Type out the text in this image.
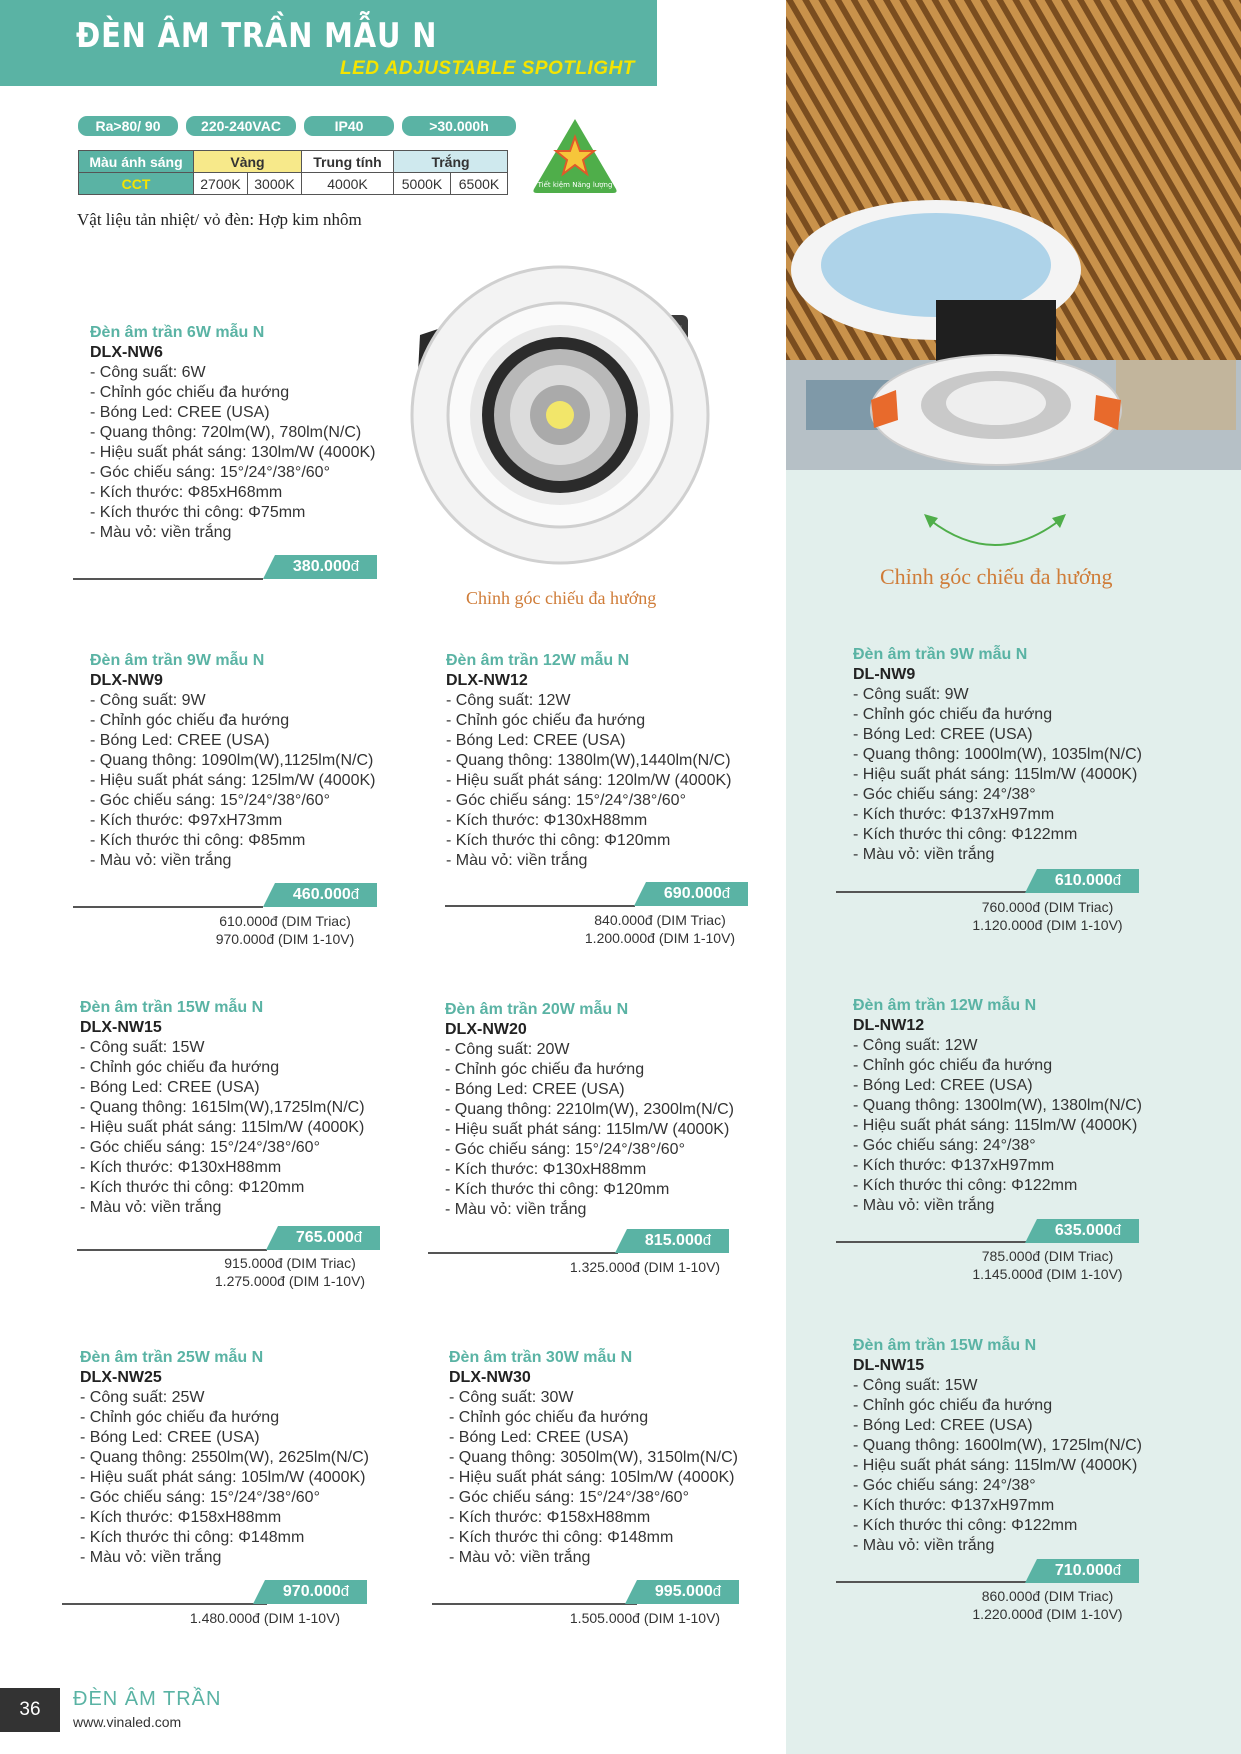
ĐÈN ÂM TRẦN MẪU N
LED ADJUSTABLE SPOTLIGHT
Ra>80/ 90	220-240VAC	IP40	>30.000h
Màu ánh sáng	Vàng		Trung tính	Trắng	
CCT	2700K	3000K	4000K	5000K	6500K
Vật liệu tản nhiệt/ vỏ đèn: Hợp kim nhôm
Tiết kiệm Năng lượng
Chỉnh góc chiếu đa hướng
Chỉnh góc chiếu đa hướng
Đèn âm trần 6W mẫu N
DLX-NW6
- Công suất: 6W
- Chỉnh góc chiếu đa hướng
- Bóng Led: CREE (USA)
- Quang thông: 720lm(W), 780lm(N/C)
- Hiệu suất phát sáng: 130lm/W (4000K)
- Góc chiếu sáng: 15°/24°/38°/60°
- Kích thước: Φ85xH68mm
- Kích thước thi công: Φ75mm
- Màu vỏ: viền trắng
380.000đ
Đèn âm trần 9W mẫu N
DLX-NW9
- Công suất: 9W
- Chỉnh góc chiếu đa hướng
- Bóng Led: CREE (USA)
- Quang thông: 1090lm(W),1125lm(N/C)
- Hiệu suất phát sáng: 125lm/W (4000K)
- Góc chiếu sáng: 15°/24°/38°/60°
- Kích thước: Φ97xH73mm
- Kích thước thi công: Φ85mm
- Màu vỏ: viền trắng
460.000đ
610.000đ (DIM Triac)
970.000đ (DIM 1-10V)
Đèn âm trần 12W mẫu N
DLX-NW12
- Công suất: 12W
- Chỉnh góc chiếu đa hướng
- Bóng Led: CREE (USA)
- Quang thông: 1380lm(W),1440lm(N/C)
- Hiệu suất phát sáng: 120lm/W (4000K)
- Góc chiếu sáng: 15°/24°/38°/60°
- Kích thước: Φ130xH88mm
- Kích thước thi công: Φ120mm
- Màu vỏ: viền trắng
690.000đ
840.000đ (DIM Triac)
1.200.000đ (DIM 1-10V)
Đèn âm trần 9W mẫu N
DL-NW9
- Công suất: 9W
- Chỉnh góc chiếu đa hướng
- Bóng Led: CREE (USA)
- Quang thông: 1000lm(W), 1035lm(N/C)
- Hiệu suất phát sáng: 115lm/W (4000K)
- Góc chiếu sáng: 24°/38°
- Kích thước: Φ137xH97mm
- Kích thước thi công: Φ122mm
- Màu vỏ: viền trắng
610.000đ
760.000đ (DIM Triac)
1.120.000đ (DIM 1-10V)
Đèn âm trần 15W mẫu N
DLX-NW15
- Công suất: 15W
- Chỉnh góc chiếu đa hướng
- Bóng Led: CREE (USA)
- Quang thông: 1615lm(W),1725lm(N/C)
- Hiệu suất phát sáng: 115lm/W (4000K)
- Góc chiếu sáng: 15°/24°/38°/60°
- Kích thước: Φ130xH88mm
- Kích thước thi công: Φ120mm
- Màu vỏ: viền trắng
765.000đ
915.000đ (DIM Triac)
1.275.000đ (DIM 1-10V)
Đèn âm trần 20W mẫu N
DLX-NW20
- Công suất: 20W
- Chỉnh góc chiếu đa hướng
- Bóng Led: CREE (USA)
- Quang thông: 2210lm(W), 2300lm(N/C)
- Hiệu suất phát sáng: 115lm/W (4000K)
- Góc chiếu sáng: 15°/24°/38°/60°
- Kích thước: Φ130xH88mm
- Kích thước thi công: Φ120mm
- Màu vỏ: viền trắng
815.000đ
1.325.000đ (DIM 1-10V)
Đèn âm trần 12W mẫu N
DL-NW12
- Công suất: 12W
- Chỉnh góc chiếu đa hướng
- Bóng Led: CREE (USA)
- Quang thông: 1300lm(W), 1380lm(N/C)
- Hiệu suất phát sáng: 115lm/W (4000K)
- Góc chiếu sáng: 24°/38°
- Kích thước: Φ137xH97mm
- Kích thước thi công: Φ122mm
- Màu vỏ: viền trắng
635.000đ
785.000đ (DIM Triac)
1.145.000đ (DIM 1-10V)
Đèn âm trần 25W mẫu N
DLX-NW25
- Công suất: 25W
- Chỉnh góc chiếu đa hướng
- Bóng Led: CREE (USA)
- Quang thông: 2550lm(W), 2625lm(N/C)
- Hiệu suất phát sáng: 105lm/W (4000K)
- Góc chiếu sáng: 15°/24°/38°/60°
- Kích thước: Φ158xH88mm
- Kích thước thi công: Φ148mm
- Màu vỏ: viền trắng
970.000đ
1.480.000đ (DIM 1-10V)
Đèn âm trần 30W mẫu N
DLX-NW30
- Công suất: 30W
- Chỉnh góc chiếu đa hướng
- Bóng Led: CREE (USA)
- Quang thông: 3050lm(W), 3150lm(N/C)
- Hiệu suất phát sáng: 105lm/W (4000K)
- Góc chiếu sáng: 15°/24°/38°/60°
- Kích thước: Φ158xH88mm
- Kích thước thi công: Φ148mm
- Màu vỏ: viền trắng
995.000đ
1.505.000đ (DIM 1-10V)
Đèn âm trần 15W mẫu N
DL-NW15
- Công suất: 15W
- Chỉnh góc chiếu đa hướng
- Bóng Led: CREE (USA)
- Quang thông: 1600lm(W), 1725lm(N/C)
- Hiệu suất phát sáng: 115lm/W (4000K)
- Góc chiếu sáng: 24°/38°
- Kích thước: Φ137xH97mm
- Kích thước thi công: Φ122mm
- Màu vỏ: viền trắng
710.000đ
860.000đ (DIM Triac)
1.220.000đ (DIM 1-10V)
36	ĐÈN ÂM TRẦN
www.vinaled.com
